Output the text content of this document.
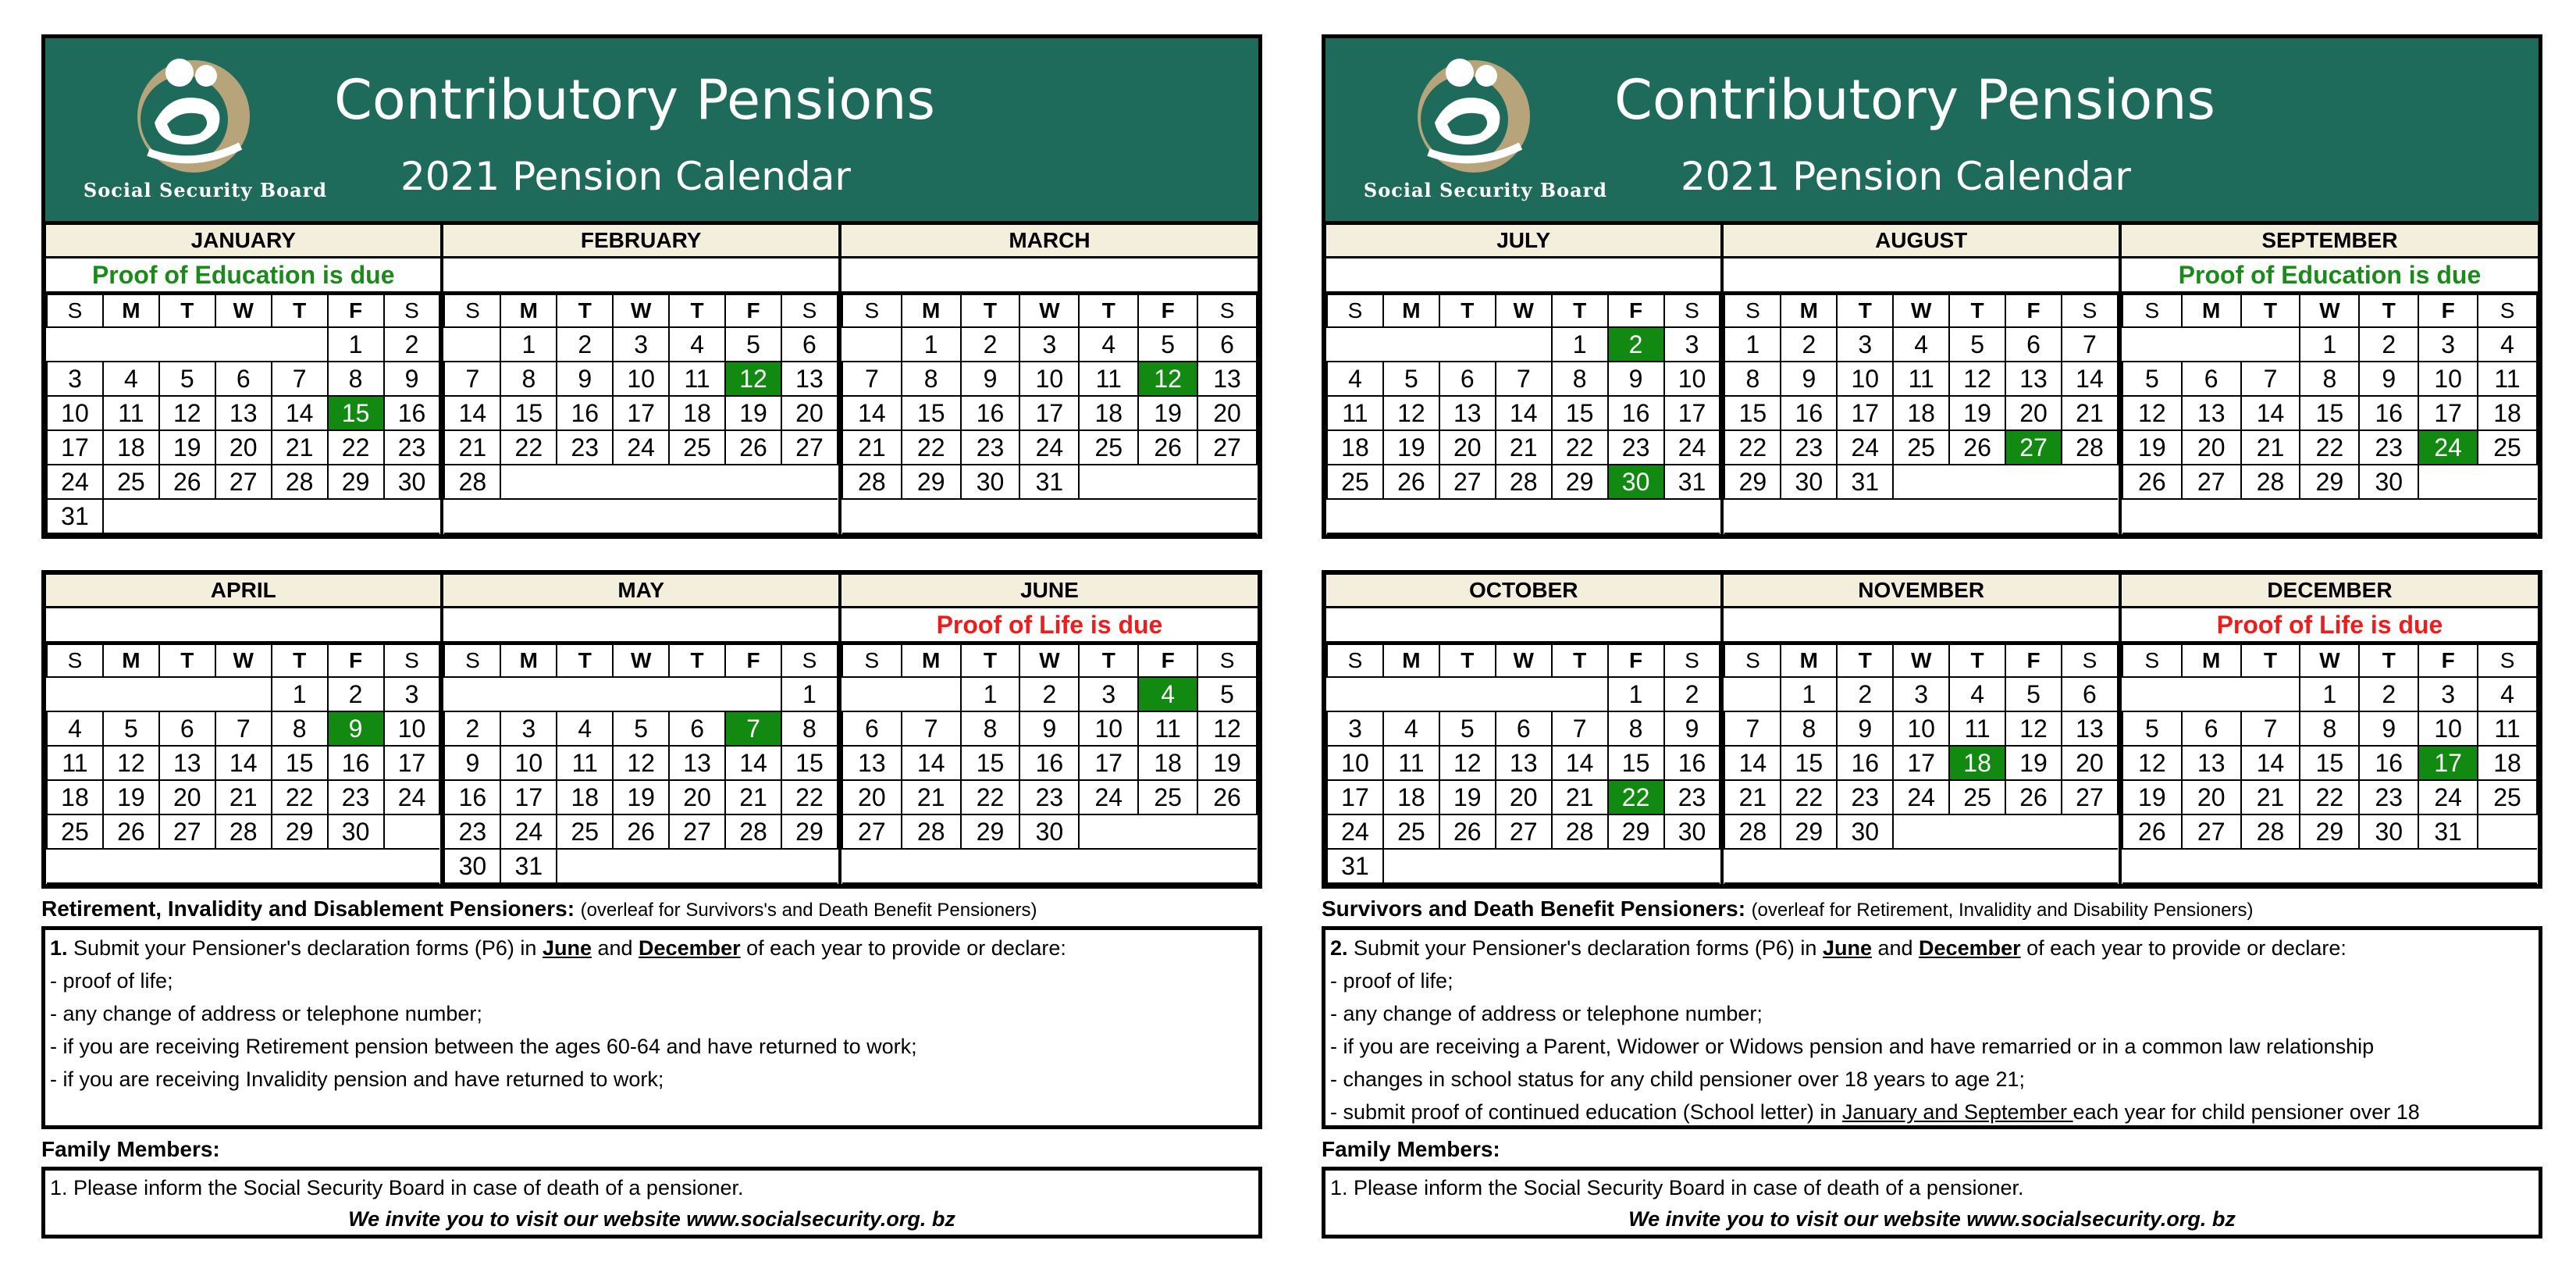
Social Security Board
Contributory Pensions
2021 Pension Calendar
JANUARY
Proof of Education is due
S	M	T	W	T	F	S
					1	2
3	4	5	6	7	8	9
10	11	12	13	14	15	16
17	18	19	20	21	22	23
24	25	26	27	28	29	30
31						
FEBRUARY
S	M	T	W	T	F	S
	1	2	3	4	5	6
7	8	9	10	11	12	13
14	15	16	17	18	19	20
21	22	23	24	25	26	27
28						

MARCH
S	M	T	W	T	F	S
	1	2	3	4	5	6
7	8	9	10	11	12	13
14	15	16	17	18	19	20
21	22	23	24	25	26	27
28	29	30	31			

APRIL
S	M	T	W	T	F	S
				1	2	3
4	5	6	7	8	9	10
11	12	13	14	15	16	17
18	19	20	21	22	23	24
25	26	27	28	29	30	

MAY
S	M	T	W	T	F	S
						1
2	3	4	5	6	7	8
9	10	11	12	13	14	15
16	17	18	19	20	21	22
23	24	25	26	27	28	29
30	31					
JUNE
Proof of Life is due
S	M	T	W	T	F	S
		1	2	3	4	5
6	7	8	9	10	11	12
13	14	15	16	17	18	19
20	21	22	23	24	25	26
27	28	29	30			

Retirement, Invalidity and Disablement Pensioners: (overleaf for Survivors's and Death Benefit Pensioners)
1. Submit your Pensioner's declaration forms (P6) in June and December of each year to provide or declare:
- proof of life;
- any change of address or telephone number;
- if you are receiving Retirement pension between the ages 60-64 and have returned to work;
- if you are receiving Invalidity pension and have returned to work;
Family Members:
1. Please inform the Social Security Board in case of death of a pensioner.
We invite you to visit our website www.socialsecurity.org. bz
Social Security Board
Contributory Pensions
2021 Pension Calendar
JULY
S	M	T	W	T	F	S
				1	2	3
4	5	6	7	8	9	10
11	12	13	14	15	16	17
18	19	20	21	22	23	24
25	26	27	28	29	30	31

AUGUST
S	M	T	W	T	F	S
1	2	3	4	5	6	7
8	9	10	11	12	13	14
15	16	17	18	19	20	21
22	23	24	25	26	27	28
29	30	31				

SEPTEMBER
Proof of Education is due
S	M	T	W	T	F	S
			1	2	3	4
5	6	7	8	9	10	11
12	13	14	15	16	17	18
19	20	21	22	23	24	25
26	27	28	29	30		

OCTOBER
S	M	T	W	T	F	S
					1	2
3	4	5	6	7	8	9
10	11	12	13	14	15	16
17	18	19	20	21	22	23
24	25	26	27	28	29	30
31						
NOVEMBER
S	M	T	W	T	F	S
	1	2	3	4	5	6
7	8	9	10	11	12	13
14	15	16	17	18	19	20
21	22	23	24	25	26	27
28	29	30				

DECEMBER
Proof of Life is due
S	M	T	W	T	F	S
			1	2	3	4
5	6	7	8	9	10	11
12	13	14	15	16	17	18
19	20	21	22	23	24	25
26	27	28	29	30	31	

Survivors and Death Benefit Pensioners: (overleaf for Retirement, Invalidity and Disability Pensioners)
2. Submit your Pensioner's declaration forms (P6) in June and December of each year to provide or declare:
- proof of life;
- any change of address or telephone number;
- if you are receiving a Parent, Widower or Widows pension and have remarried or in a common law relationship
- changes in school status for any child pensioner over 18 years to age 21;
- submit proof of continued education (School letter) in January and September each year for child pensioner over 18
Family Members:
1. Please inform the Social Security Board in case of death of a pensioner.
We invite you to visit our website www.socialsecurity.org. bz
